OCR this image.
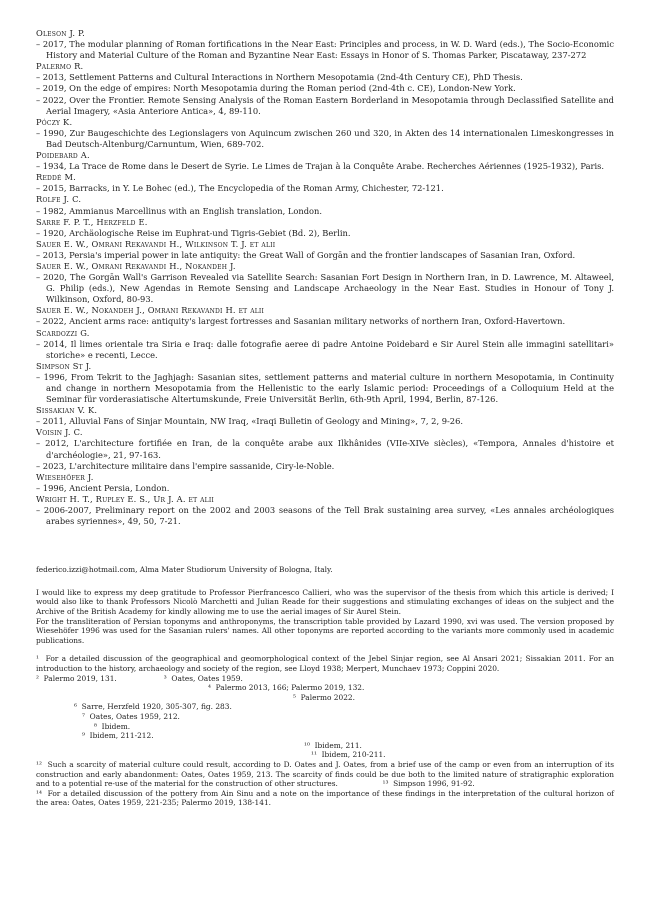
Oleson J. P.
– 2017, The modular planning of Roman fortifications in the Near East: Principles and process, in W. D. Ward (eds.), The Socio-Economic History and Material Culture of the Roman and Byzantine Near East: Essays in Honor of S. Thomas Parker, Piscataway, 237-272
Palermo R.
– 2013, Settlement Patterns and Cultural Interactions in Northern Mesopotamia (2nd-4th Century CE), PhD Thesis.
– 2019, On the edge of empires: North Mesopotamia during the Roman period (2nd-4th c. CE), London-New York.
– 2022, Over the Frontier. Remote Sensing Analysis of the Roman Eastern Borderland in Mesopotamia through Declassified Satellite and Aerial Imagery, «Asia Anteriore Antica», 4, 89-110.
Póczy K.
– 1990, Zur Baugeschichte des Legionslagers von Aquincum zwischen 260 und 320, in Akten des 14 internationalen Limeskongresses in Bad Deutsch-Altenburg/Carnuntum, Wien, 689-702.
Poidebard A.
– 1934, La Trace de Rome dans le Desert de Syrie. Le Limes de Trajan à la Conquête Arabe. Recherches Aériennes (1925-1932), Paris.
Reddé M.
– 2015, Barracks, in Y. Le Bohec (ed.), The Encyclopedia of the Roman Army, Chichester, 72-121.
Rolfe J. C.
– 1982, Ammianus Marcellinus with an English translation, London.
Sarre F. P. T., Herzfeld E.
– 1920, Archäologische Reise im Euphrat-und Tigris-Gebiet (Bd. 2), Berlin.
Sauer E. W., Omrani Rekavandi H., Wilkinson T. J. et alii
– 2013, Persia's imperial power in late antiquity: the Great Wall of Gorgān and the frontier landscapes of Sasanian Iran, Oxford.
Sauer E. W., Omrani Rekavandi H., Nokandeh J.
– 2020, The Gorgān Wall's Garrison Revealed via Satellite Search: Sasanian Fort Design in Northern Iran, in D. Lawrence, M. Altaweel, G. Philip (eds.), New Agendas in Remote Sensing and Landscape Archaeology in the Near East. Studies in Honour of Tony J. Wilkinson, Oxford, 80-93.
Sauer E. W., Nokandeh J., Omrani Rekavandi H. et alii
– 2022, Ancient arms race: antiquity's largest fortresses and Sasanian military networks of northern Iran, Oxford-Havertown.
Scardozzi G.
– 2014, Il limes orientale tra Siria e Iraq: dalle fotografie aeree di padre Antoine Poidebard e Sir Aurel Stein alle immagini satellitari» storiche» e recenti, Lecce.
Simpson St J.
– 1996, From Tekrit to the Jaghjagh: Sasanian sites, settlement patterns and material culture in northern Mesopotamia, in Continuity and change in northern Mesopotamia from the Hellenistic to the early Islamic period: Proceedings of a Colloquium Held at the Seminar für vorderasiatische Altertumskunde, Freie Universität Berlin, 6th-9th April, 1994, Berlin, 87-126.
Sissakian V. K.
– 2011, Alluvial Fans of Sinjar Mountain, NW Iraq, «Iraqi Bulletin of Geology and Mining», 7, 2, 9-26.
Voisin J. C.
– 2012, L'architecture fortifiée en Iran, de la conquête arabe aux Ilkhânides (VIIe-XIVe siècles), «Tempora, Annales d'histoire et d'archéologie», 21, 97-163.
– 2023, L'architecture militaire dans l'empire sassanide, Ciry-le-Noble.
Wiesehöfer J.
– 1996, Ancient Persia, London.
Wright H. T., Rupley E. S., Ur J. A. et alii
– 2006-2007, Preliminary report on the 2002 and 2003 seasons of the Tell Brak sustaining area survey, «Les annales archéologiques arabes syriennes», 49, 50, 7-21.
federico.izzi@hotmail.com, Alma Mater Studiorum University of Bologna, Italy.

I would like to express my deep gratitude to Professor Pierfrancesco Callieri, who was the supervisor of the thesis from which this article is derived; I would also like to thank Professors Nicolò Marchetti and Julian Reade for their suggestions and stimulating exchanges of ideas on the subject and the Archive of the British Academy for kindly allowing me to use the aerial images of Sir Aurel Stein.

For the transliteration of Persian toponyms and anthroponyms, the transcription table provided by Lazard 1990, xvi was used. The version proposed by Wiesehöfer 1996 was used for the Sasanian rulers' names. All other toponyms are reported according to the variants more commonly used in academic publications.

¹  For a detailed discussion of the geographical and geomorphological context of the Jebel Sinjar region, see Al Ansari 2021; Sissakian 2011. For an introduction to the history, archaeology and society of the region, see Lloyd 1938; Merpert, Munchaev 1973; Coppini 2020.

²  Palermo 2019, 131.                    ³  Oates, Oates 1959.

⁴  Palermo 2013, 166; Palermo 2019, 132.

⁵  Palermo 2022.

⁶  Sarre, Herzfeld 1920, 305-307, fig. 283.

⁷  Oates, Oates 1959, 212.

⁸  Ibidem.

⁹  Ibidem, 211-212.

¹⁰  Ibidem, 211.

¹¹  Ibidem, 210-211.

¹²  Such a scarcity of material culture could result, according to D. Oates and J. Oates, from a brief use of the camp or even from an interruption of its construction and early abandonment: Oates, Oates 1959, 213. The scarcity of finds could be due both to the limited nature of stratigraphic exploration and to a potential re-use of the material for the construction of other structures.                   ¹³  Simpson 1996, 91-92.

¹⁴  For a detailed discussion of the pottery from Ain Sinu and a note on the importance of these findings in the interpretation of the cultural horizon of the area: Oates, Oates 1959, 221-235; Palermo 2019, 138-141.
